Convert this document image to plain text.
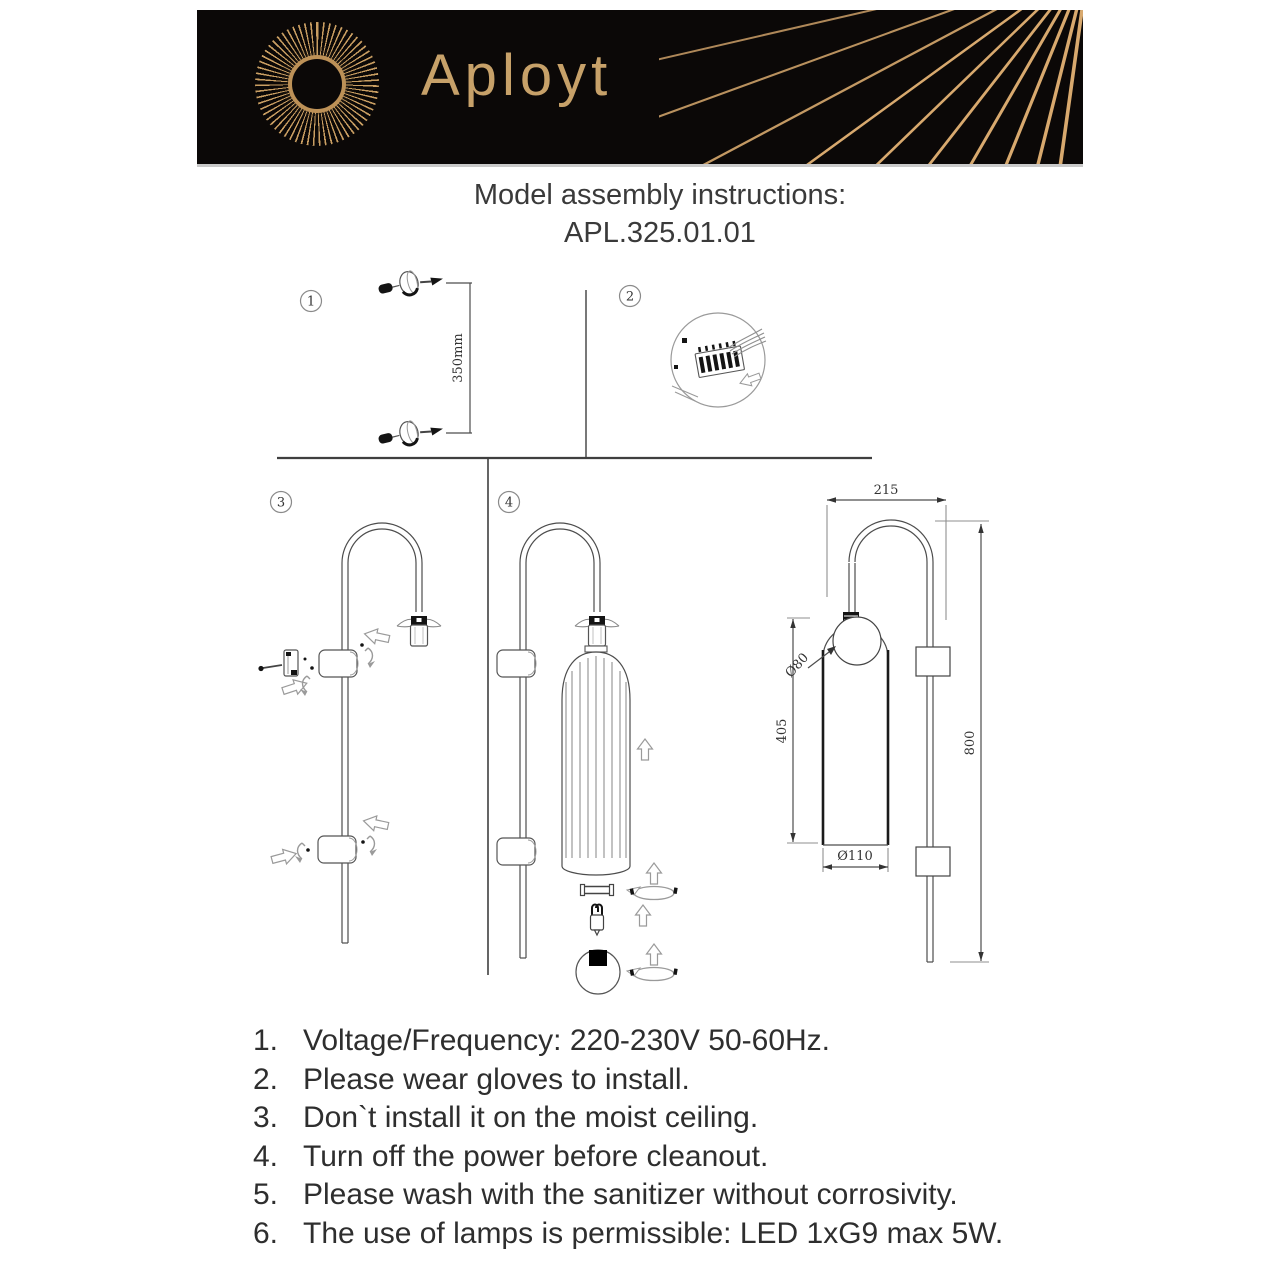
Aployt
Model assembly instructions:
APL.325.01.01
1	2
3	4
350mm
215
800
405
Ø80
Ø110
1. Voltage/Frequency: 220-230V 50-60Hz.
2. Please wear gloves to install.
3. Don`t install it on the moist ceiling.
4. Turn off the power before cleanout.
5. Please wash with the sanitizer without corrosivity.
6. The use of lamps is permissible: LED 1xG9 max 5W.
